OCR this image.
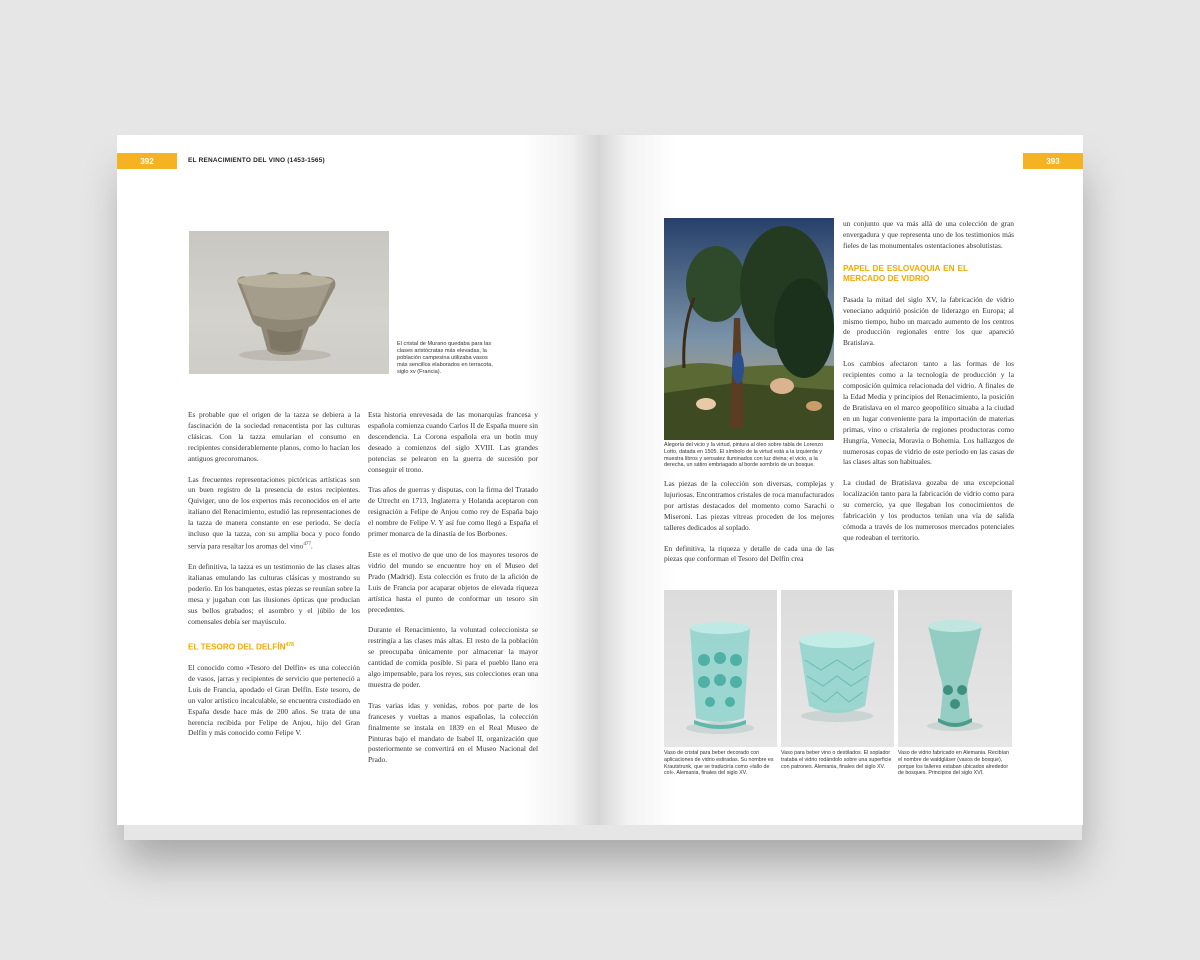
392	EL RENACIMIENTO DEL VINO (1453-1565)
El cristal de Murano quedaba para las clases aristócratas más elevadas, la población campesina utilizaba vasos más sencillos elaborados en terracota, siglo xv (Francia).

Es probable que el origen de la tazza se debiera a la fascinación de la sociedad renacentista por las culturas clásicas. Con la tazza emularían el consumo en recipientes considerablemente planos, como lo hacían los antiguos grecoromanos.

Las frecuentes representaciones pictóricas artísticas son un buen registro de la presencia de estos recipientes. Quiviger, uno de los expertos más reconocidos en el arte italiano del Renacimiento, estudió las representaciones de la tazza de manera constante en ese periodo. Se decía incluso que la tazza, con su amplia boca y poco fondo servía para resaltar los aromas del vino$^{477}$.

En definitiva, la tazza es un testimonio de las clases altas italianas emulando las culturas clásicas y mostrando su poderío. En los banquetes, estas piezas se reunían sobre la mesa y jugaban con las ilusiones ópticas que producían sus bellos grabados; el asombro y el júbilo de los comensales debía ser mayúsculo.

EL TESORO DEL DELFÍN$^{478}$

El conocido como «Tesoro del Delfín» es una colección de vasos, jarras y recipientes de servicio que perteneció a Luis de Francia, apodado el Gran Delfín. Este tesoro, de un valor artístico incalculable, se encuentra custodiado en España desde hace más de 200 años. Se trata de una herencia recibida por Felipe de Anjou, hijo del Gran Delfín y más conocido como Felipe V.

Esta historia enrevesada de las monarquías francesa y española comienza cuando Carlos II de España muere sin descendencia. La Corona española era un botín muy deseado a comienzos del siglo XVIII. Las grandes potencias se pelearon en la guerra de sucesión por conseguir el trono.

Tras años de guerras y disputas, con la firma del Tratado de Utrecht en 1713, Inglaterra y Holanda aceptaron con resignación a Felipe de Anjou como rey de España bajo el nombre de Felipe V. Y así fue como llegó a España el primer monarca de la dinastía de los Borbones.

Este es el motivo de que uno de los mayores tesoros de vidrio del mundo se encuentre hoy en el Museo del Prado (Madrid). Esta colección es fruto de la afición de Luis de Francia por acaparar objetos de elevada riqueza artística hasta el punto de conformar un tesoro sin precedentes.

Durante el Renacimiento, la voluntad coleccionista se restringía a las clases más altas. El resto de la población se preocupaba únicamente por almacenar la mayor cantidad de comida posible. Si para el pueblo llano era algo impensable, para los reyes, sus colecciones eran una muestra de poder.

Tras varias idas y venidas, robos por parte de los franceses y vueltas a manos españolas, la colección finalmente se instala en 1839 en el Real Museo de Pinturas bajo el mandato de Isabel II, organización que posteriormente se convertirá en el Museo Nacional del Prado.

393
Alegoría del vicio y la virtud, pintura al óleo sobre tabla de Lorenzo Lotto, datada en 1505. El símbolo de la virtud está a la izquierda y muestra libros y sensatez iluminados con luz divina; el vicio, a la derecha, un sátiro embriagado al borde sombrío de un bosque.

Las piezas de la colección son diversas, complejas y lujuriosas. Encontramos cristales de roca manufacturados por artistas destacados del momento como Sarachi o Miseroni. Las piezas vítreas proceden de los mejores talleres dedicados al soplado.

En definitiva, la riqueza y detalle de cada una de las piezas que conforman el Tesoro del Delfín crea

un conjunto que va más allá de una colección de gran envergadura y que representa uno de los testimonios más fieles de las monumentales ostentaciones absolutistas.

PAPEL DE ESLOVAQUIA EN EL MERCADO DE VIDRIO

Pasada la mitad del siglo XV, la fabricación de vidrio veneciano adquirió posición de liderazgo en Europa; al mismo tiempo, hubo un marcado aumento de los centros de producción regionales entre los que apareció Bratislava.

Los cambios afectaron tanto a las formas de los recipientes como a la tecnología de producción y la composición química relacionada del vidrio. A finales de la Edad Media y principios del Renacimiento, la posición de Bratislava en el marco geopolítico situaba a la ciudad en un lugar conveniente para la importación de materias primas, vino o cristalería de regiones productoras como Hungría, Venecia, Moravia o Bohemia. Los hallazgos de numerosas copas de vidrio de este periodo en las casas de las clases altas son habituales.

La ciudad de Bratislava gozaba de una excepcional localización tanto para la fabricación de vidrio como para su comercio, ya que llegaban los conocimientos de fabricación y los productos tenían una vía de salida cómoda a través de los numerosos mercados potenciales que rodeaban el territorio.

Vaso de cristal para beber decorado con aplicaciones de vidrio estiradas. Su nombre es Krautstrunk, que se traduciría como «tallo de col». Alemania, finales del siglo XV.
Vaso para beber vino o destilados. El soplador trataba el vidrio rodándolo sobre una superficie con patrones. Alemania, finales del siglo XV.
Vaso de vidrio fabricado en Alemania. Recibían el nombre de waldgläser (vasos de bosque), porque los talleres estaban ubicados alrededor de bosques. Principios del siglo XVI.
